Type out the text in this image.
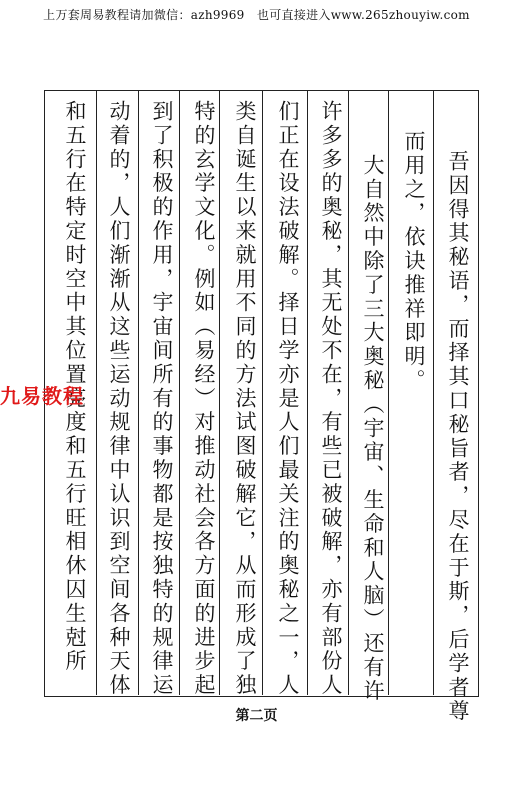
上万套周易教程请加微信：azh9969　也可直接进入www.265zhouyiw.com
吾因得其秘语，而择其口秘旨者，尽在于斯，后学者尊
而用之，依诀推祥即明。
　大自然中除了三大奥秘（宇宙、生命和人脑）还有许
许多多的奥秘，其无处不在，有些已被破解，亦有部份人
们正在设法破解。择日学亦是人们最关注的奥秘之一，人
类自诞生以来就用不同的方法试图破解它，从而形成了独
特的玄学文化。例如（易经）对推动社会各方面的进步起
到了积极的作用，宇宙间所有的事物都是按独特的规律运
动着的，人们渐渐从这些运动规律中认识到空间各种天体
和五行在特定时空中其位置亮度和五行旺相休囚生尅所
九易教程
第二页
